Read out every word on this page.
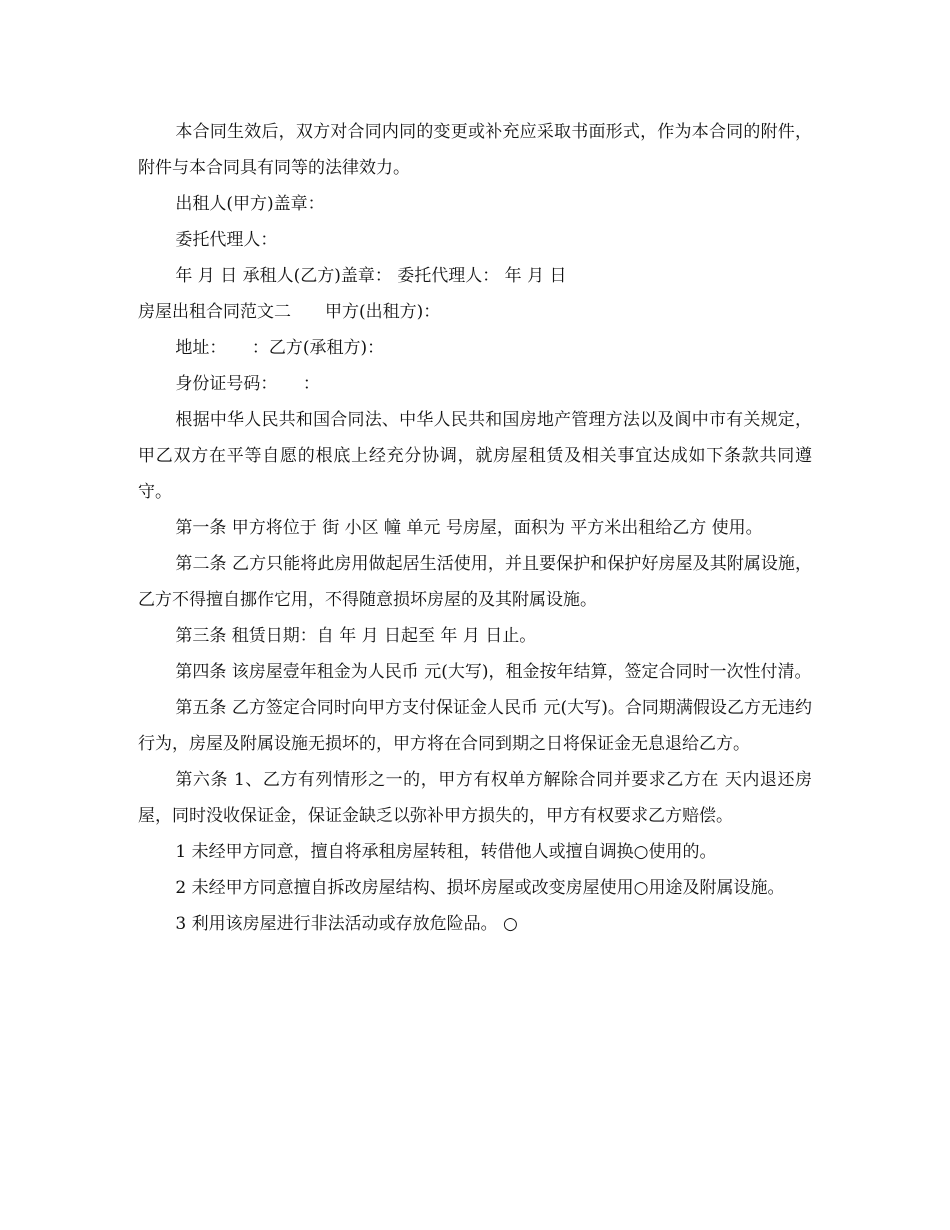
本合同生效后，双方对合同内同的变更或补充应采取书面形式，作为本合同的附件，附件与本合同具有同等的法律效力。

出租人(甲方)盖章：

委托代理人：

年 月 日 承租人(乙方)盖章： 委托代理人： 年 月 日

房屋出租合同范文二 甲方(出租方)：

地址：　　：乙方(承租方)：

身份证号码：　　：

根据中华人民共和国合同法、中华人民共和国房地产管理方法以及阆中市有关规定，甲乙双方在平等自愿的根底上经充分协调，就房屋租赁及相关事宜达成如下条款共同遵守。

第一条 甲方将位于 街 小区 幢 单元 号房屋，面积为 平方米出租给乙方 使用。

第二条 乙方只能将此房用做起居生活使用，并且要保护和保护好房屋及其附属设施，乙方不得擅自挪作它用，不得随意损坏房屋的及其附属设施。

第三条 租赁日期：自 年 月 日起至 年 月 日止。

第四条 该房屋壹年租金为人民币 元(大写)，租金按年结算，签定合同时一次性付清。

第五条 乙方签定合同时向甲方支付保证金人民币 元(大写)。合同期满假设乙方无违约行为，房屋及附属设施无损坏的，甲方将在合同到期之日将保证金无息退给乙方。

第六条 1、乙方有列情形之一的，甲方有权单方解除合同并要求乙方在 天内退还房屋，同时没收保证金，保证金缺乏以弥补甲方损失的，甲方有权要求乙方赔偿。

1 未经甲方同意，擅自将承租房屋转租，转借他人或擅自调换○使用的。

2 未经甲方同意擅自拆改房屋结构、损坏房屋或改变房屋使用○用途及附属设施。

3 利用该房屋进行非法活动或存放危险品。 ○
